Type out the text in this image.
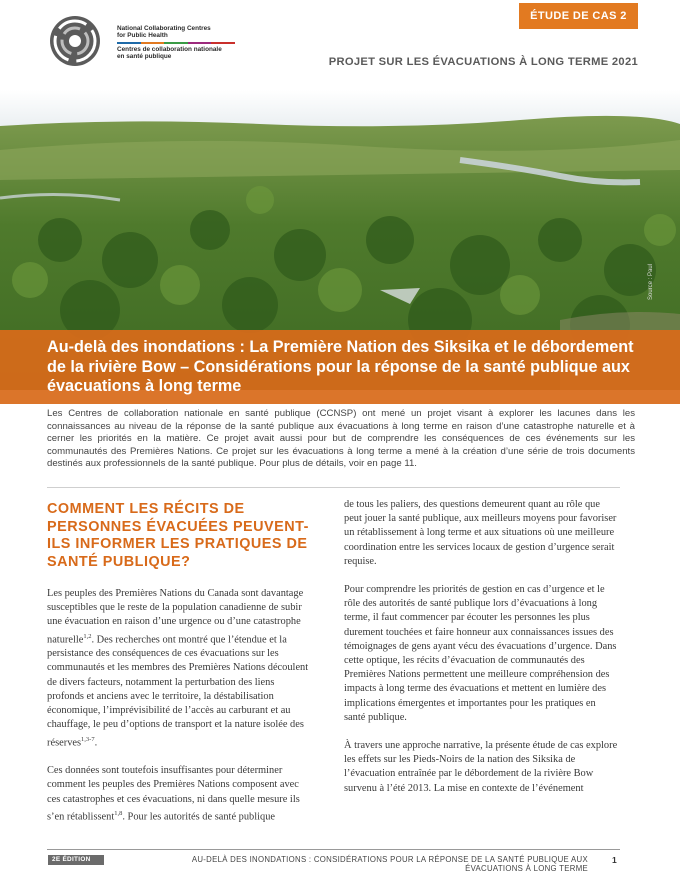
National Collaborating Centres
for Public Health
Centres de collaboration nationale
en santé publique
ÉTUDE DE CAS 2
PROJET SUR LES ÉVACUATIONS À LONG TERME 2021
Source : Paul
Au-delà des inondations : La Première Nation des Siksika et le débordement de la rivière Bow – Considérations pour la réponse de la santé publique aux évacuations à long terme

Les Centres de collaboration nationale en santé publique (CCNSP) ont mené un projet visant à explorer les lacunes dans les connaissances au niveau de la réponse de la santé publique aux évacuations à long terme en raison d’une catastrophe naturelle et à cerner les priorités en la matière. Ce projet avait aussi pour but de comprendre les conséquences de ces événements sur les communautés des Premières Nations. Ce projet sur les évacuations à long terme a mené à la création d’une série de trois documents destinés aux professionnels de la santé publique. Pour plus de détails, voir en page 11.

COMMENT LES RÉCITS DE PERSONNES ÉVACUÉES PEUVENT-ILS INFORMER LES PRATIQUES DE SANTÉ PUBLIQUE?

Les peuples des Premières Nations du Canada sont davantage susceptibles que le reste de la population canadienne de subir une évacuation en raison d’une urgence ou d’une catastrophe naturelle$^{1,2}$. Des recherches ont montré que l’étendue et la persistance des conséquences de ces évacuations sur les communautés et les membres des Premières Nations découlent de divers facteurs, notamment la perturbation des liens profonds et anciens avec le territoire, la déstabilisation économique, l’imprévisibilité de l’accès au carburant et au chauffage, le peu d’options de transport et la nature isolée des réserves$^{1,3-7}$.

Ces données sont toutefois insuffisantes pour déterminer comment les peuples des Premières Nations composent avec ces catastrophes et ces évacuations, ni dans quelle mesure ils s’en rétablissent$^{1,8}$. Pour les autorités de santé publique

de tous les paliers, des questions demeurent quant au rôle que peut jouer la santé publique, aux meilleurs moyens pour favoriser un rétablissement à long terme et aux situations où une meilleure coordination entre les services locaux de gestion d’urgence serait requise.

Pour comprendre les priorités de gestion en cas d’urgence et le rôle des autorités de santé publique lors d’évacuations à long terme, il faut commencer par écouter les personnes les plus durement touchées et faire honneur aux connaissances issues des témoignages de gens ayant vécu des évacuations d’urgence. Dans cette optique, les récits d’évacuation de communautés des Premières Nations permettent une meilleure compréhension des impacts à long terme des évacuations et mettent en lumière des implications émergentes et importantes pour les pratiques en santé publique.

À travers une approche narrative, la présente étude de cas explore les effets sur les Pieds-Noirs de la nation des Siksika de l’évacuation entraînée par le débordement de la rivière Bow survenu à l’été 2013. La mise en contexte de l’événement

2E ÉDITION	AU-DELÀ DES INONDATIONS : CONSIDÉRATIONS POUR LA RÉPONSE DE LA SANTÉ PUBLIQUE AUX ÉVACUATIONS À LONG TERME
1
